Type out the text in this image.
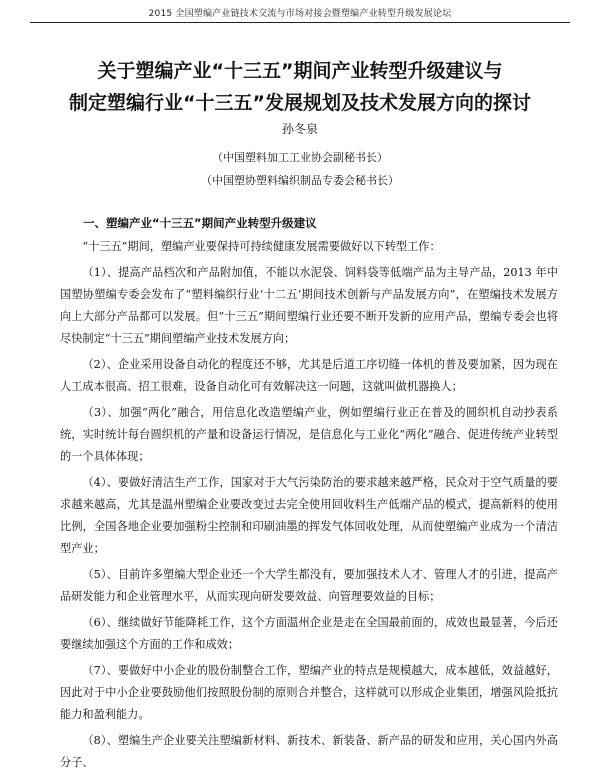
2015 全国塑编产业链技术交流与市场对接会暨塑编产业转型升级发展论坛
关于塑编产业“十三五”期间产业转型升级建议与
制定塑编行业“十三五”发展规划及技术发展方向的探讨
孙冬泉
（中国塑料加工工业协会副秘书长）
（中国塑协塑料编织制品专委会秘书长）
一、塑编产业“十三五”期间产业转型升级建议

“十三五”期间，塑编产业要保持可持续健康发展需要做好以下转型工作：

（1）、提高产品档次和产品附加值，不能以水泥袋、饲料袋等低端产品为主导产品，2013 年中国塑协塑编专委会发布了“塑料编织行业‘十二五’期间技术创新与产品发展方向”，在塑编技术发展方向上大部分产品都可以发展。但“十三五”期间塑编行业还要不断开发新的应用产品，塑编专委会也将尽快制定“十三五”期间塑编产业技术发展方向；

（2）、企业采用设备自动化的程度还不够，尤其是后道工序切缝一体机的普及要加紧，因为现在人工成本很高、招工很难，设备自动化可有效解决这一问题，这就叫做机器换人；

（3）、加强“两化”融合，用信息化改造塑编产业，例如塑编行业正在普及的圆织机自动抄表系统，实时统计每台圆织机的产量和设备运行情况，是信息化与工业化“两化”融合、促进传统产业转型的一个具体体现；

（4）、要做好清洁生产工作，国家对于大气污染防治的要求越来越严格，民众对于空气质量的要求越来越高，尤其是温州塑编企业要改变过去完全使用回收料生产低端产品的模式，提高新料的使用比例，全国各地企业要加强粉尘控制和印刷油墨的挥发气体回收处理，从而使塑编产业成为一个清洁型产业；

（5）、目前许多塑编大型企业还一个大学生都没有，要加强技术人才、管理人才的引进，提高产品研发能力和企业管理水平，从而实现向研发要效益、向管理要效益的目标；

（6）、继续做好节能降耗工作，这个方面温州企业是走在全国最前面的，成效也最显著，今后还要继续加强这个方面的工作和成效；

（7）、要做好中小企业的股份制整合工作，塑编产业的特点是规模越大，成本越低，效益越好，因此对于中小企业要鼓励他们按照股份制的原则合并整合，这样就可以形成企业集团，增强风险抵抗能力和盈利能力。

（8）、塑编生产企业要关注塑编新材料、新技术、新装备、新产品的研发和应用，关心国内外高分子、
